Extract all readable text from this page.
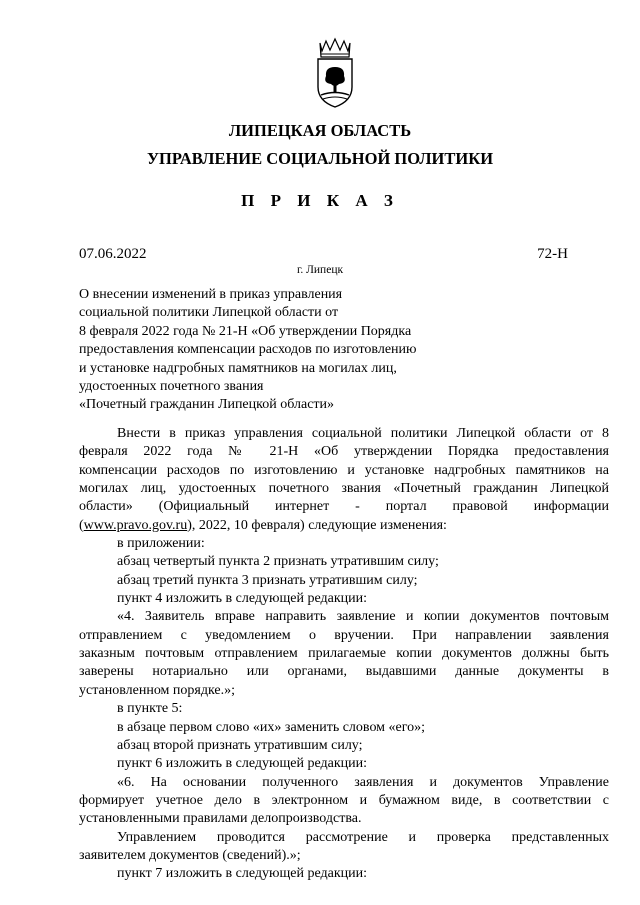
ЛИПЕЦКАЯ ОБЛАСТЬ
УПРАВЛЕНИЕ СОЦИАЛЬНОЙ ПОЛИТИКИ
П Р И К А З
07.06.2022	72-Н
г. Липецк
О внесении изменений в приказ управления
социальной политики Липецкой области от
8 февраля 2022 года № 21-Н «Об утверждении Порядка
предоставления компенсации расходов по изготовлению
и установке надгробных памятников на могилах лиц,
удостоенных почетного звания
«Почетный гражданин Липецкой области»

Внести в приказ управления социальной политики Липецкой области от 8

февраля 2022 года № 21-Н «Об утверждении Порядка предоставления

компенсации расходов по изготовлению и установке надгробных памятников на

могилах лиц, удостоенных почетного звания «Почетный гражданин Липецкой

области» (Официальный интернет - портал правовой информации

(www.pravo.gov.ru), 2022, 10 февраля) следующие изменения:

в приложении:

абзац четвертый пункта 2 признать утратившим силу;

абзац третий пункта 3 признать утратившим силу;

пункт 4 изложить в следующей редакции:

«4. Заявитель вправе направить заявление и копии документов почтовым

отправлением с уведомлением о вручении. При направлении заявления

заказным почтовым отправлением прилагаемые копии документов должны быть

заверены нотариально или органами, выдавшими данные документы в

установленном порядке.»;

в пункте 5:

в абзаце первом слово «их» заменить словом «его»;

абзац второй признать утратившим силу;

пункт 6 изложить в следующей редакции:

«6. На основании полученного заявления и документов Управление

формирует учетное дело в электронном и бумажном виде, в соответствии с

установленными правилами делопроизводства.

Управлением проводится рассмотрение и проверка представленных

заявителем документов (сведений).»;

пункт 7 изложить в следующей редакции:
